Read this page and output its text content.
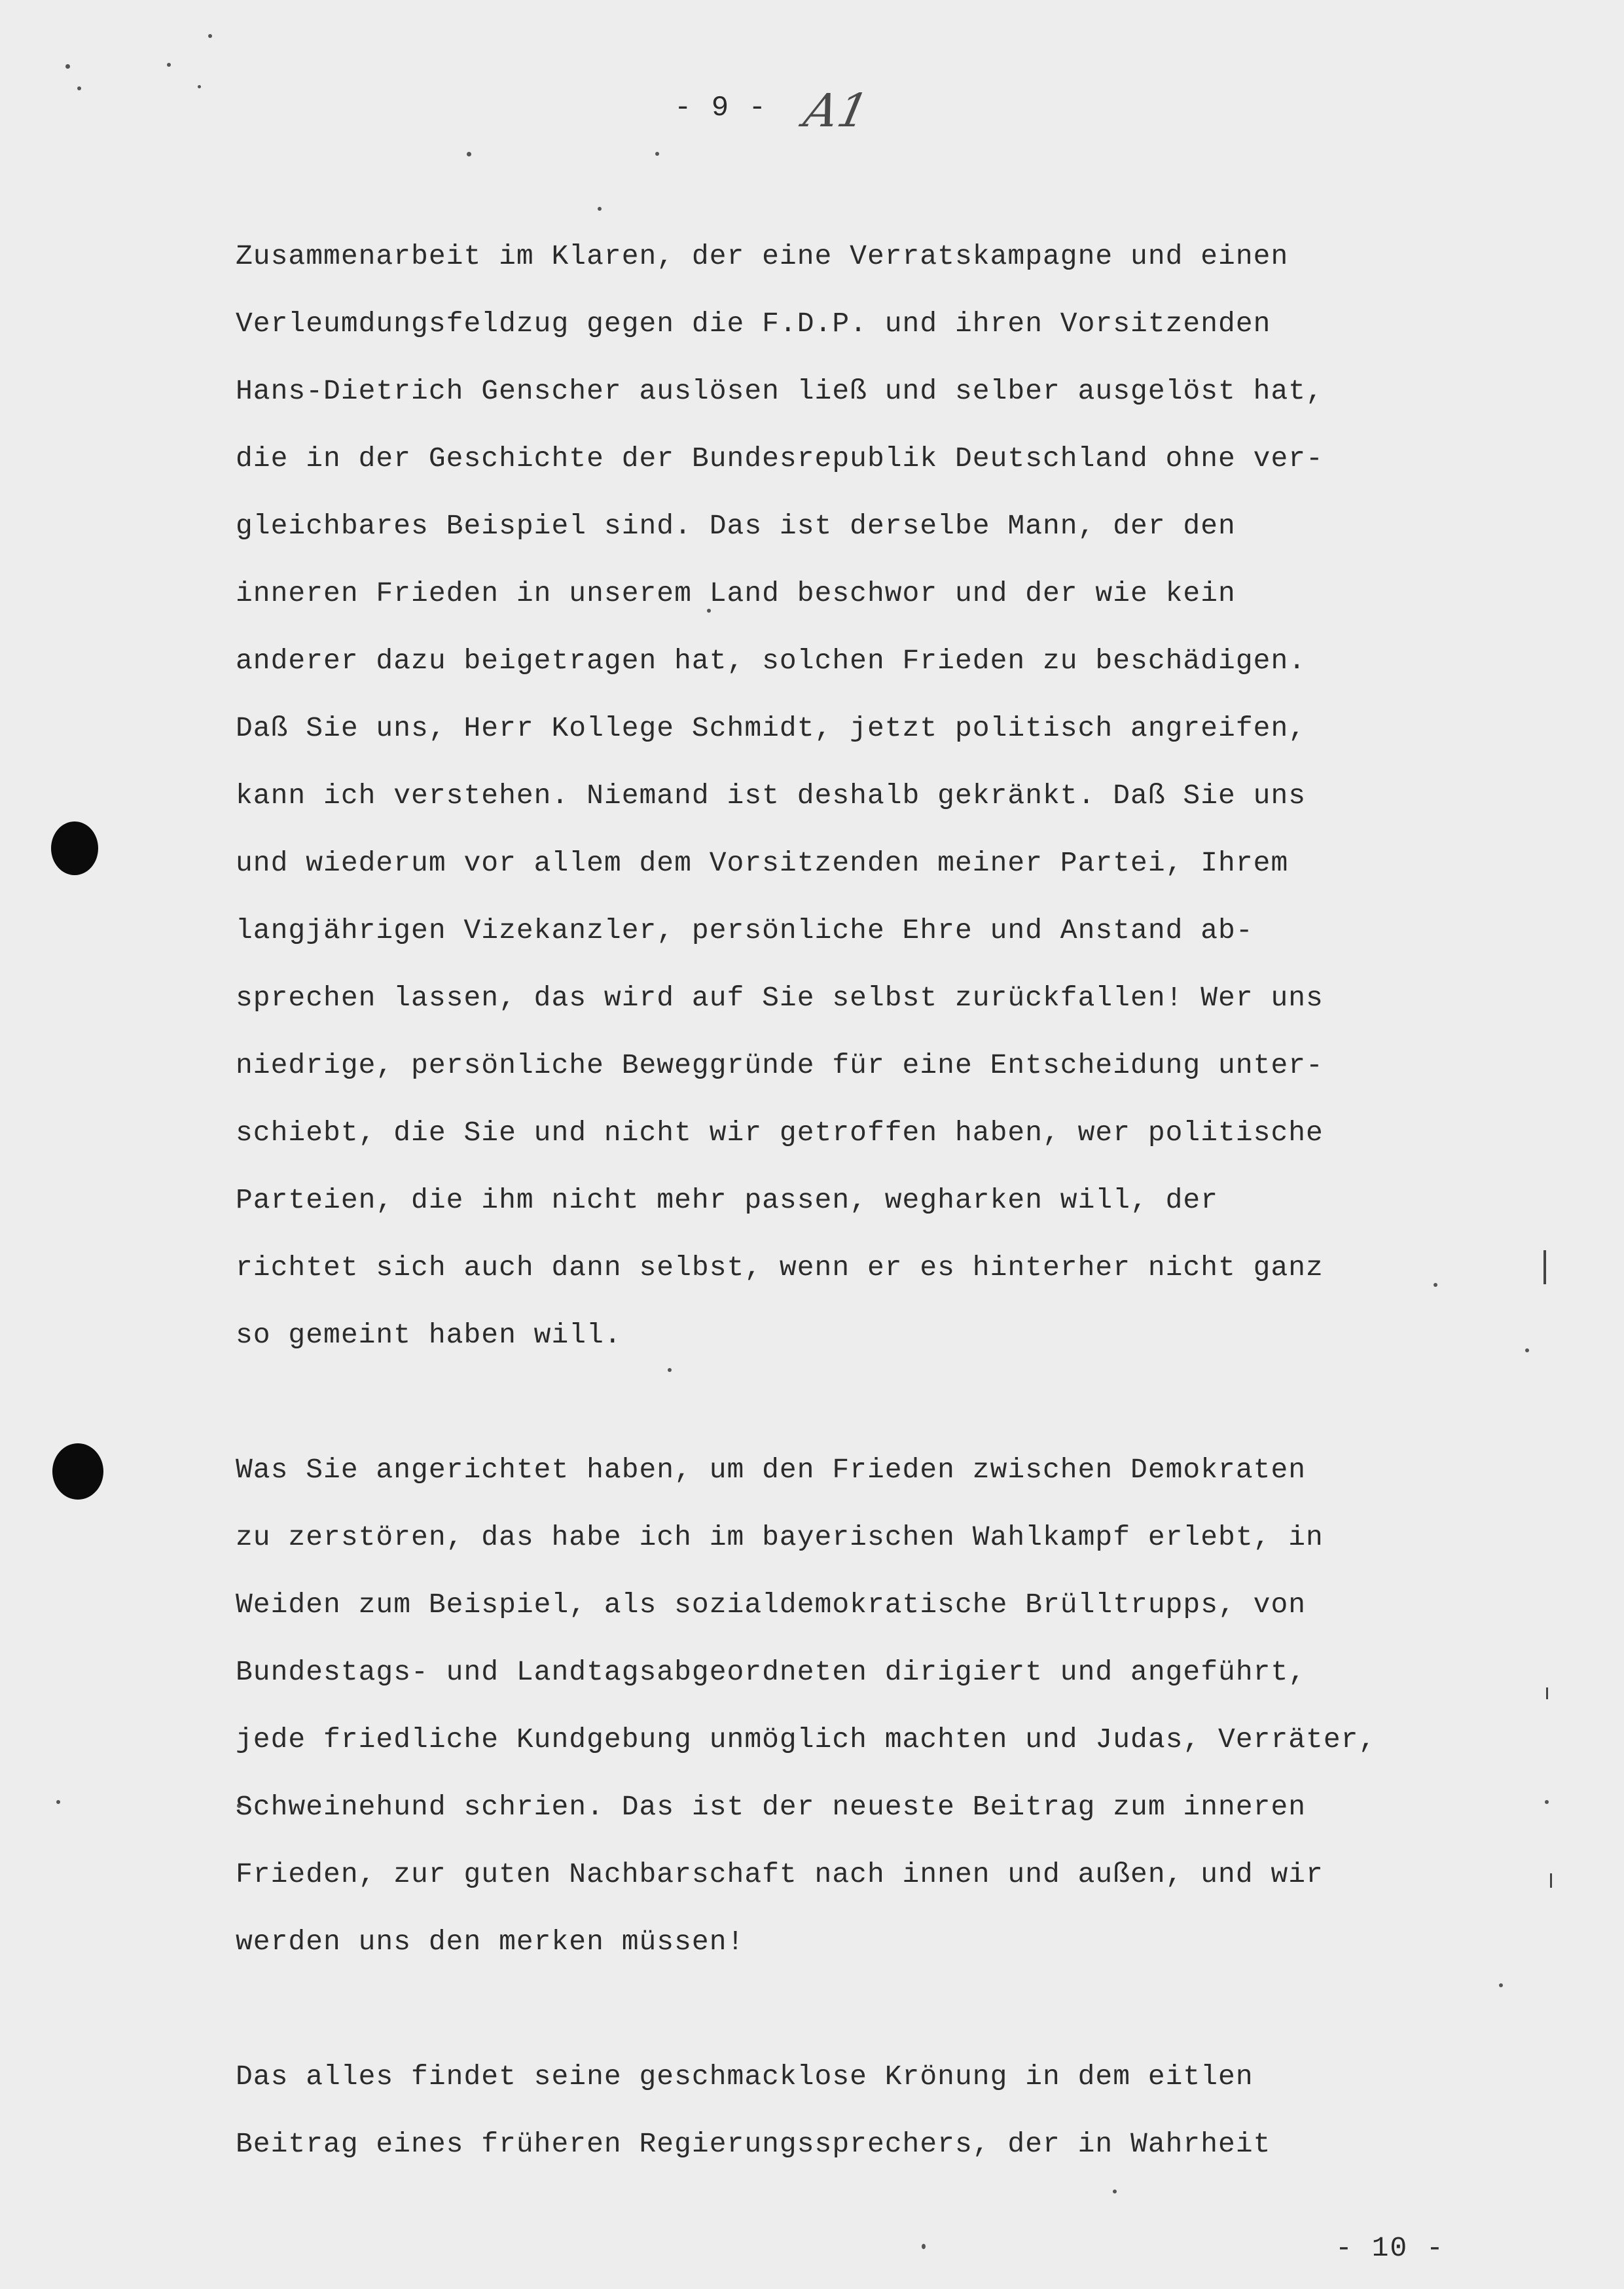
- 9 - A1
Zusammenarbeit im Klaren, der eine Verratskampagne und einen
Verleumdungsfeldzug gegen die F.D.P. und ihren Vorsitzenden
Hans-Dietrich Genscher auslösen ließ und selber ausgelöst hat,
die in der Geschichte der Bundesrepublik Deutschland ohne ver-
gleichbares Beispiel sind. Das ist derselbe Mann, der den
inneren Frieden in unserem Land beschwor und der wie kein
anderer dazu beigetragen hat, solchen Frieden zu beschädigen.
Daß Sie uns, Herr Kollege Schmidt, jetzt politisch angreifen,
kann ich verstehen. Niemand ist deshalb gekränkt. Daß Sie uns
und wiederum vor allem dem Vorsitzenden meiner Partei, Ihrem
langjährigen Vizekanzler, persönliche Ehre und Anstand ab-
sprechen lassen, das wird auf Sie selbst zurückfallen! Wer uns
niedrige, persönliche Beweggründe für eine Entscheidung unter-
schiebt, die Sie und nicht wir getroffen haben, wer politische
Parteien, die ihm nicht mehr passen, wegharken will, der
richtet sich auch dann selbst, wenn er es hinterher nicht ganz
so gemeint haben will.
Was Sie angerichtet haben, um den Frieden zwischen Demokraten
zu zerstören, das habe ich im bayerischen Wahlkampf erlebt, in
Weiden zum Beispiel, als sozialdemokratische Brülltrupps, von
Bundestags- und Landtagsabgeordneten dirigiert und angeführt,
jede friedliche Kundgebung unmöglich machten und Judas, Verräter,
Schweinehund schrien. Das ist der neueste Beitrag zum inneren
Frieden, zur guten Nachbarschaft nach innen und außen, und wir
werden uns den merken müssen!
Das alles findet seine geschmacklose Krönung in dem eitlen
Beitrag eines früheren Regierungssprechers, der in Wahrheit
- 10 -
